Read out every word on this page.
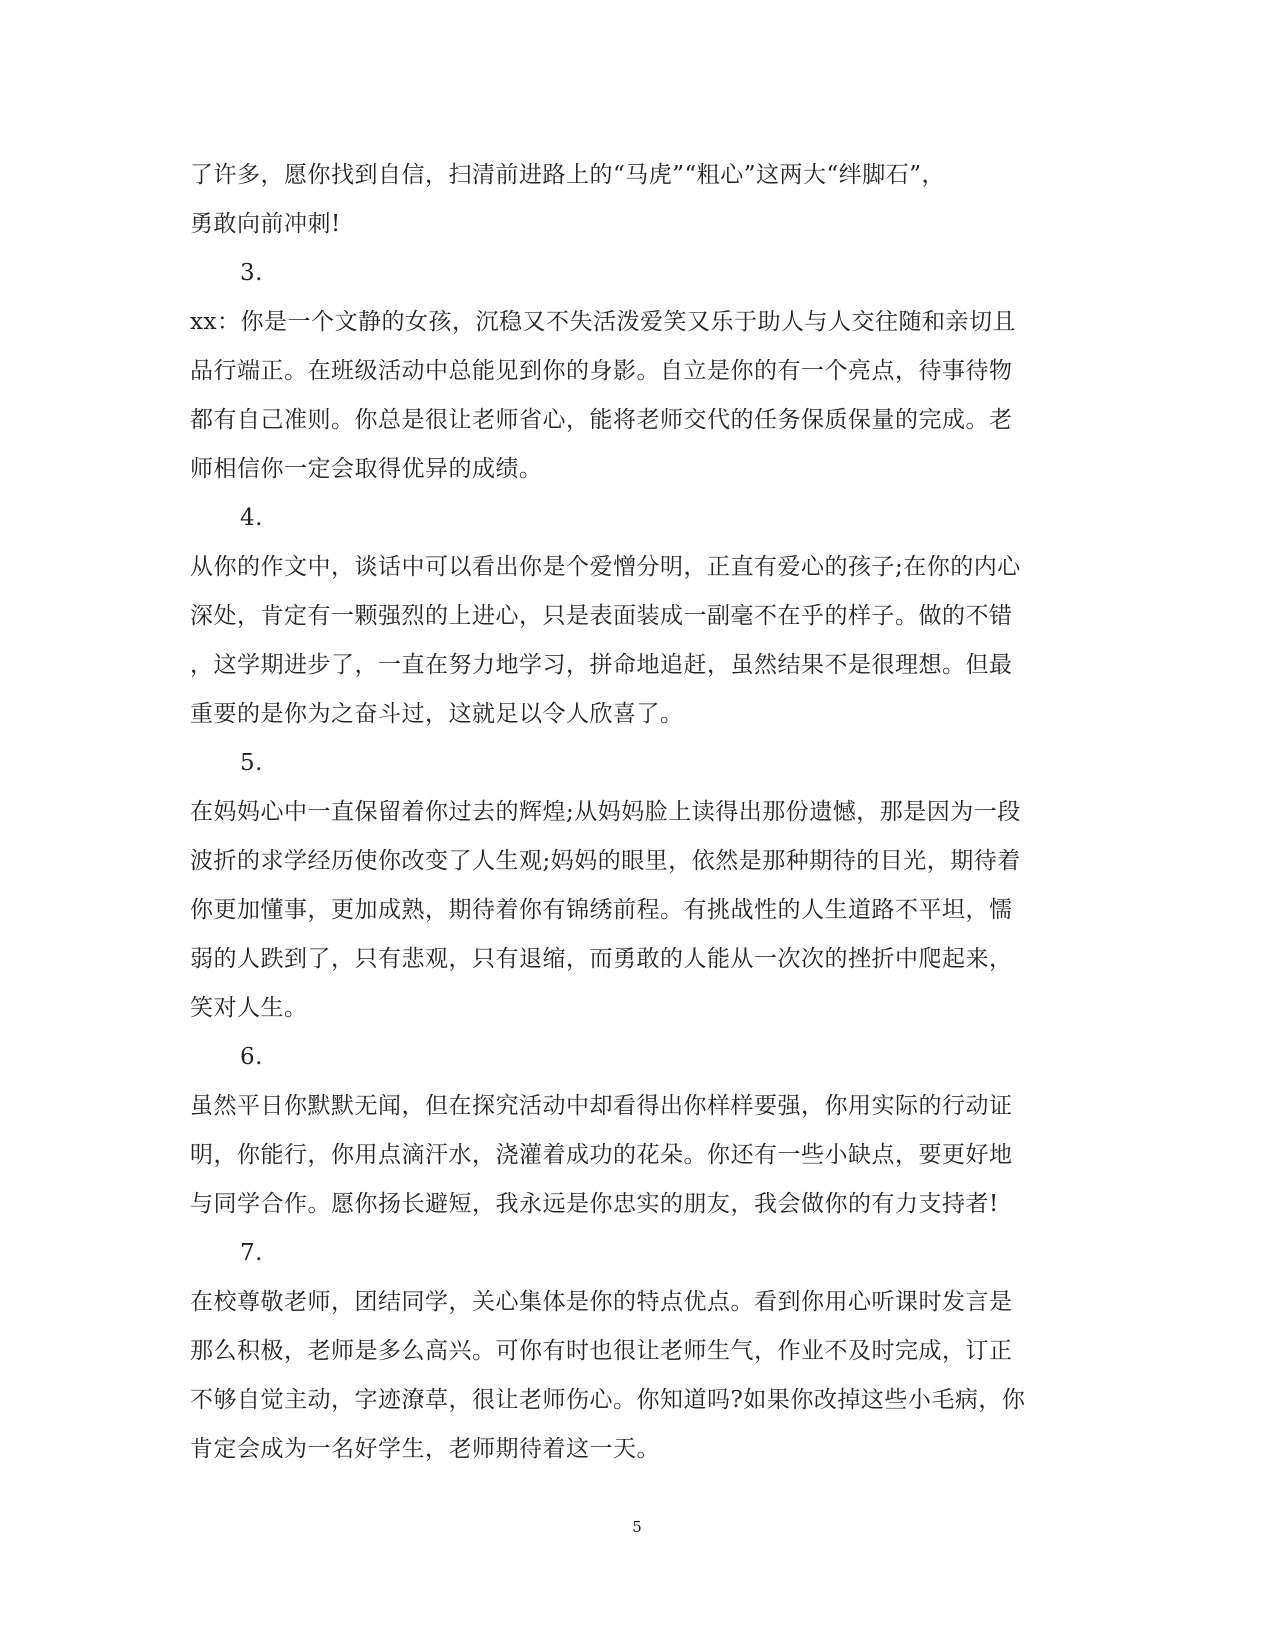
了许多，愿你找到自信，扫清前进路上的“马虎”“粗心”这两大“绊脚石”，
勇敢向前冲刺!
3.
xx：你是一个文静的女孩，沉稳又不失活泼爱笑又乐于助人与人交往随和亲切且
品行端正。在班级活动中总能见到你的身影。自立是你的有一个亮点，待事待物
都有自己准则。你总是很让老师省心，能将老师交代的任务保质保量的完成。老
师相信你一定会取得优异的成绩。
4.
从你的作文中，谈话中可以看出你是个爱憎分明，正直有爱心的孩子;在你的内心
深处，肯定有一颗强烈的上进心，只是表面装成一副毫不在乎的样子。做的不错
，这学期进步了，一直在努力地学习，拼命地追赶，虽然结果不是很理想。但最
重要的是你为之奋斗过，这就足以令人欣喜了。
5.
在妈妈心中一直保留着你过去的辉煌;从妈妈脸上读得出那份遗憾，那是因为一段
波折的求学经历使你改变了人生观;妈妈的眼里，依然是那种期待的目光，期待着
你更加懂事，更加成熟，期待着你有锦绣前程。有挑战性的人生道路不平坦，懦
弱的人跌到了，只有悲观，只有退缩，而勇敢的人能从一次次的挫折中爬起来，
笑对人生。
6.
虽然平日你默默无闻，但在探究活动中却看得出你样样要强，你用实际的行动证
明，你能行，你用点滴汗水，浇灌着成功的花朵。你还有一些小缺点，要更好地
与同学合作。愿你扬长避短，我永远是你忠实的朋友，我会做你的有力支持者!
7.
在校尊敬老师，团结同学，关心集体是你的特点优点。看到你用心听课时发言是
那么积极，老师是多么高兴。可你有时也很让老师生气，作业不及时完成，订正
不够自觉主动，字迹潦草，很让老师伤心。你知道吗?如果你改掉这些小毛病，你
肯定会成为一名好学生，老师期待着这一天。
5
